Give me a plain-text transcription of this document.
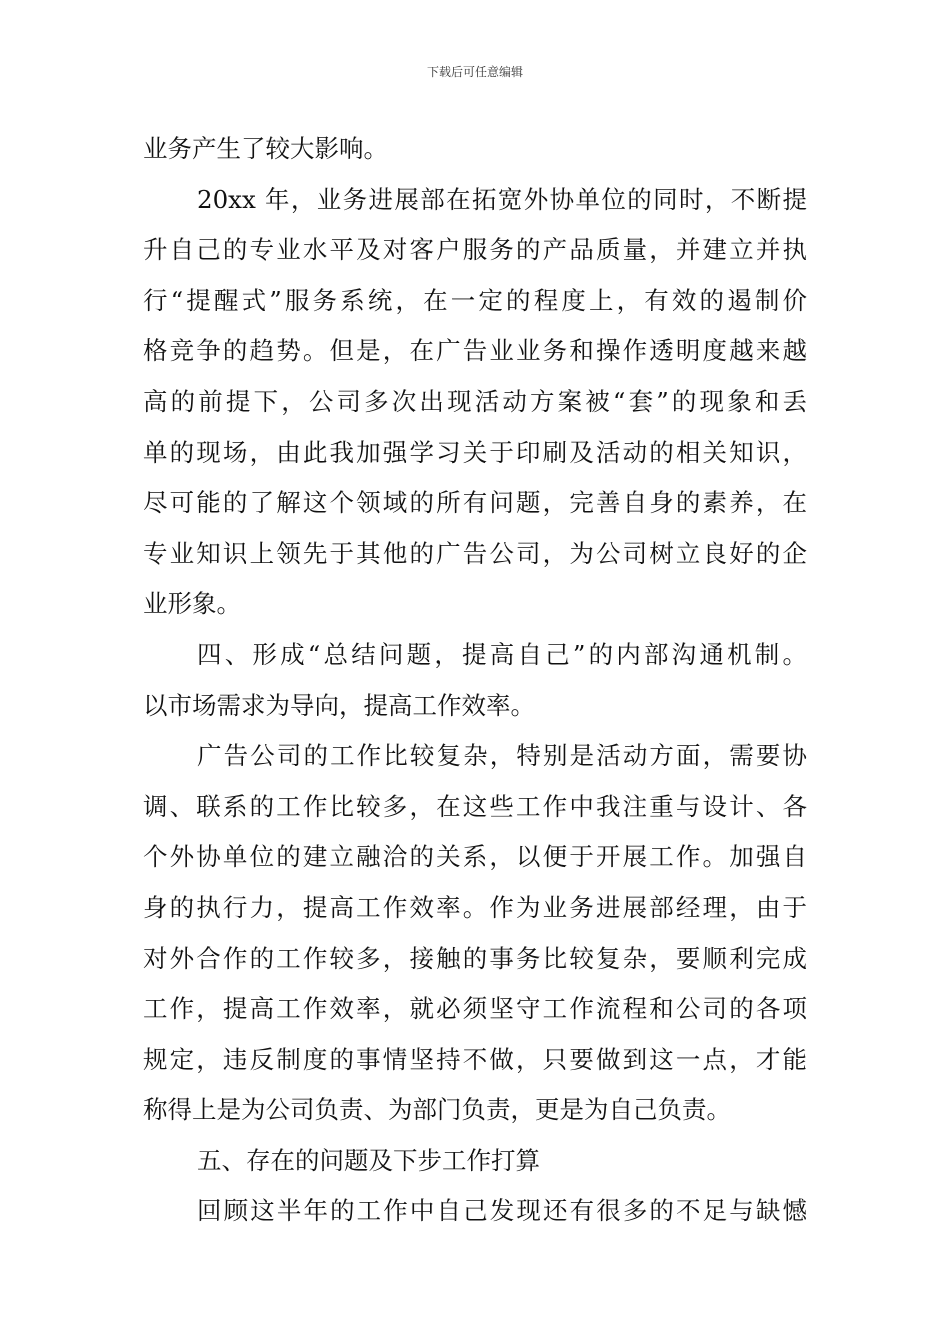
下载后可任意编辑
业务产生了较大影响。
20xx 年，业务进展部在拓宽外协单位的同时，不断提
升自己的专业水平及对客户服务的产品质量，并建立并执
行“提醒式”服务系统，在一定的程度上，有效的遏制价
格竞争的趋势。但是，在广告业业务和操作透明度越来越
高的前提下，公司多次出现活动方案被“套”的现象和丢
单的现场，由此我加强学习关于印刷及活动的相关知识，
尽可能的了解这个领域的所有问题，完善自身的素养，在
专业知识上领先于其他的广告公司，为公司树立良好的企
业形象。
四、形成“总结问题，提高自己”的内部沟通机制。
以市场需求为导向，提高工作效率。
广告公司的工作比较复杂，特别是活动方面，需要协
调、联系的工作比较多，在这些工作中我注重与设计、各
个外协单位的建立融洽的关系，以便于开展工作。加强自
身的执行力，提高工作效率。作为业务进展部经理，由于
对外合作的工作较多，接触的事务比较复杂，要顺利完成
工作，提高工作效率，就必须坚守工作流程和公司的各项
规定，违反制度的事情坚持不做，只要做到这一点，才能
称得上是为公司负责、为部门负责，更是为自己负责。
五、存在的问题及下步工作打算
回顾这半年的工作中自己发现还有很多的不足与缺憾
